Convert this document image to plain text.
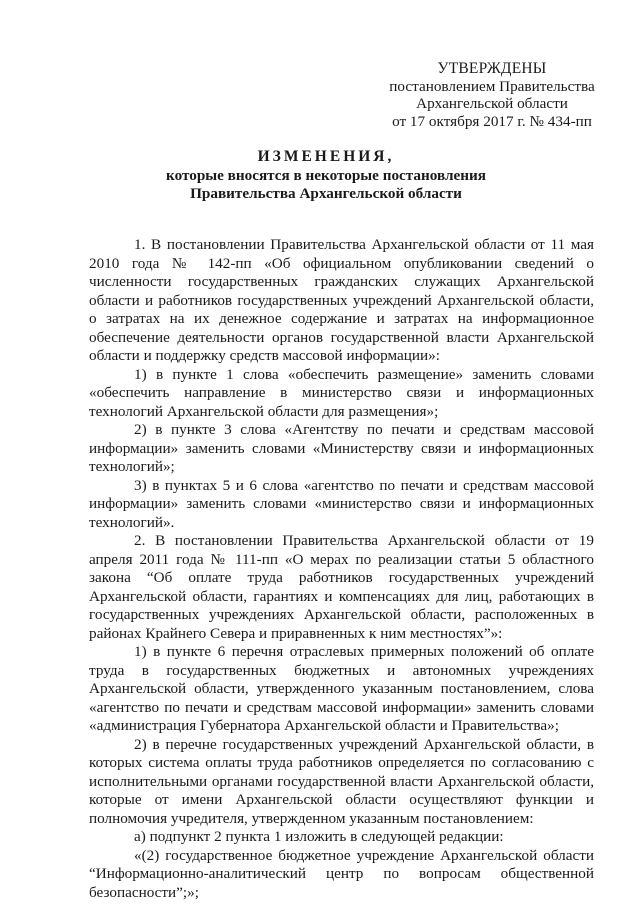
УТВЕРЖДЕНЫ
постановлением Правительства
Архангельской области
от 17 октября 2017 г. № 434-пп
ИЗМЕНЕНИЯ,
которые вносятся в некоторые постановления
Правительства Архангельской области

1. В постановлении Правительства Архангельской области от 11 мая 2010 года № 142-пп «Об официальном опубликовании сведений о численности государственных гражданских служащих Архангельской области и работников государственных учреждений Архангельской области, о затратах на их денежное содержание и затратах на информационное обеспечение деятельности органов государственной власти Архангельской области и поддержку средств массовой информации»:

1) в пункте 1 слова «обеспечить размещение» заменить словами «обеспечить направление в министерство связи и информационных технологий Архангельской области для размещения»;

2) в пункте 3 слова «Агентству по печати и средствам массовой информации» заменить словами «Министерству связи и информационных технологий»;

3) в пунктах 5 и 6 слова «агентство по печати и средствам массовой информации» заменить словами «министерство связи и информационных технологий».

2. В постановлении Правительства Архангельской области от 19 апреля 2011 года № 111-пп «О мерах по реализации статьи 5 областного закона “Об оплате труда работников государственных учреждений Архангельской области, гарантиях и компенсациях для лиц, работающих в государственных учреждениях Архангельской области, расположенных в районах Крайнего Севера и приравненных к ним местностях”»:

1) в пункте 6 перечня отраслевых примерных положений об оплате труда в государственных бюджетных и автономных учреждениях Архангельской области, утвержденного указанным постановлением, слова «агентство по печати и средствам массовой информации» заменить словами «администрация Губернатора Архангельской области и Правительства»;

2) в перечне государственных учреждений Архангельской области, в которых система оплаты труда работников определяется по согласованию с исполнительными органами государственной власти Архангельской области, которые от имени Архангельской области осуществляют функции и полномочия учредителя, утвержденном указанным постановлением:

а) подпункт 2 пункта 1 изложить в следующей редакции:

«(2) государственное бюджетное учреждение Архангельской области “Информационно-аналитический центр по вопросам общественной безопасности”;»;
